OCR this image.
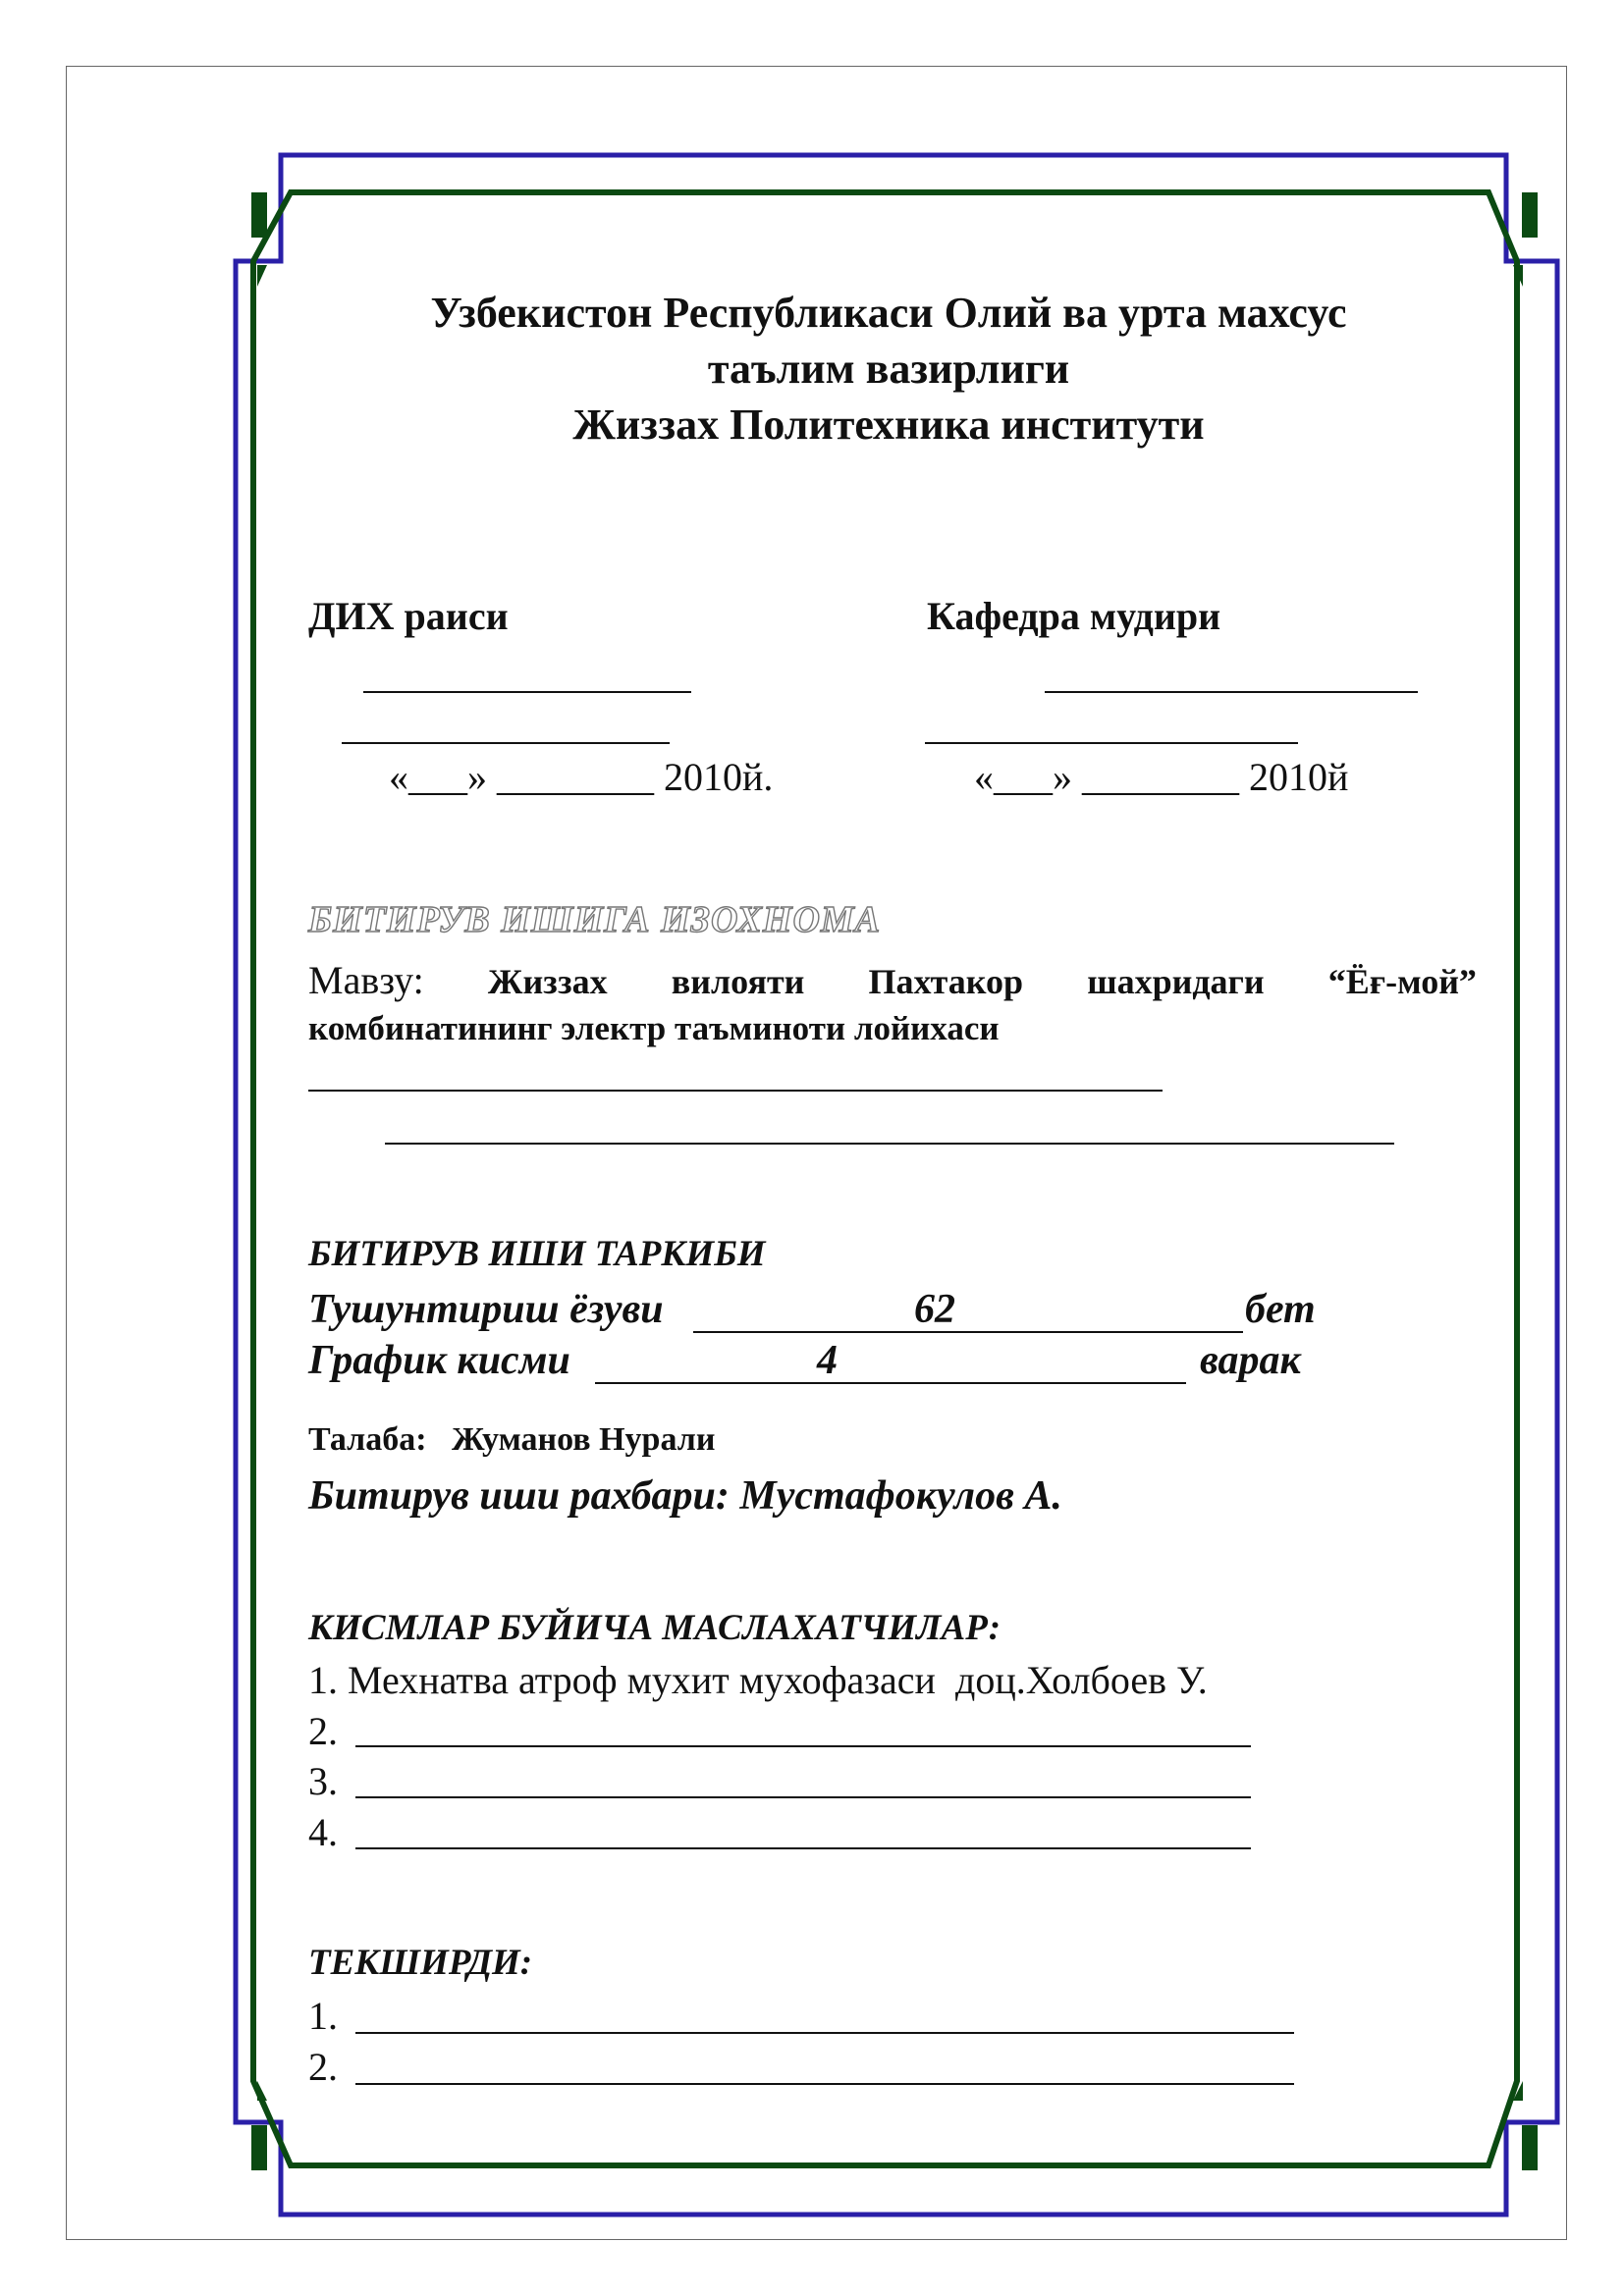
Узбекистон Республикаси Олий ва урта махсус
таълим вазирлиги
Жиззах Политехника институти
ДИХ раиси
«___» ________ 2010й.
Кафедра мудири
«___» ________ 2010й
БИТИРУВ ИШИГА ИЗОХНОМА
Мавзу: Жиззах вилояти Пахтакор шахридаги “Ёғ-мой”
комбинатининг электр таъминоти лойихаси
БИТИРУВ ИШИ ТАРКИБИ
Тушунтириш ёзуви	62	бет
График кисми	4	варак
Талаба: Жуманов Нурали
Битирув иши рахбари: Мустафокулов А.
КИСМЛАР БУЙИЧА МАСЛАХАТЧИЛАР:
1. Мехнатва атроф мухит мухофазаси  доц.Холбоев У.
2.
3.
4.
ТЕКШИРДИ:
1.
2.
